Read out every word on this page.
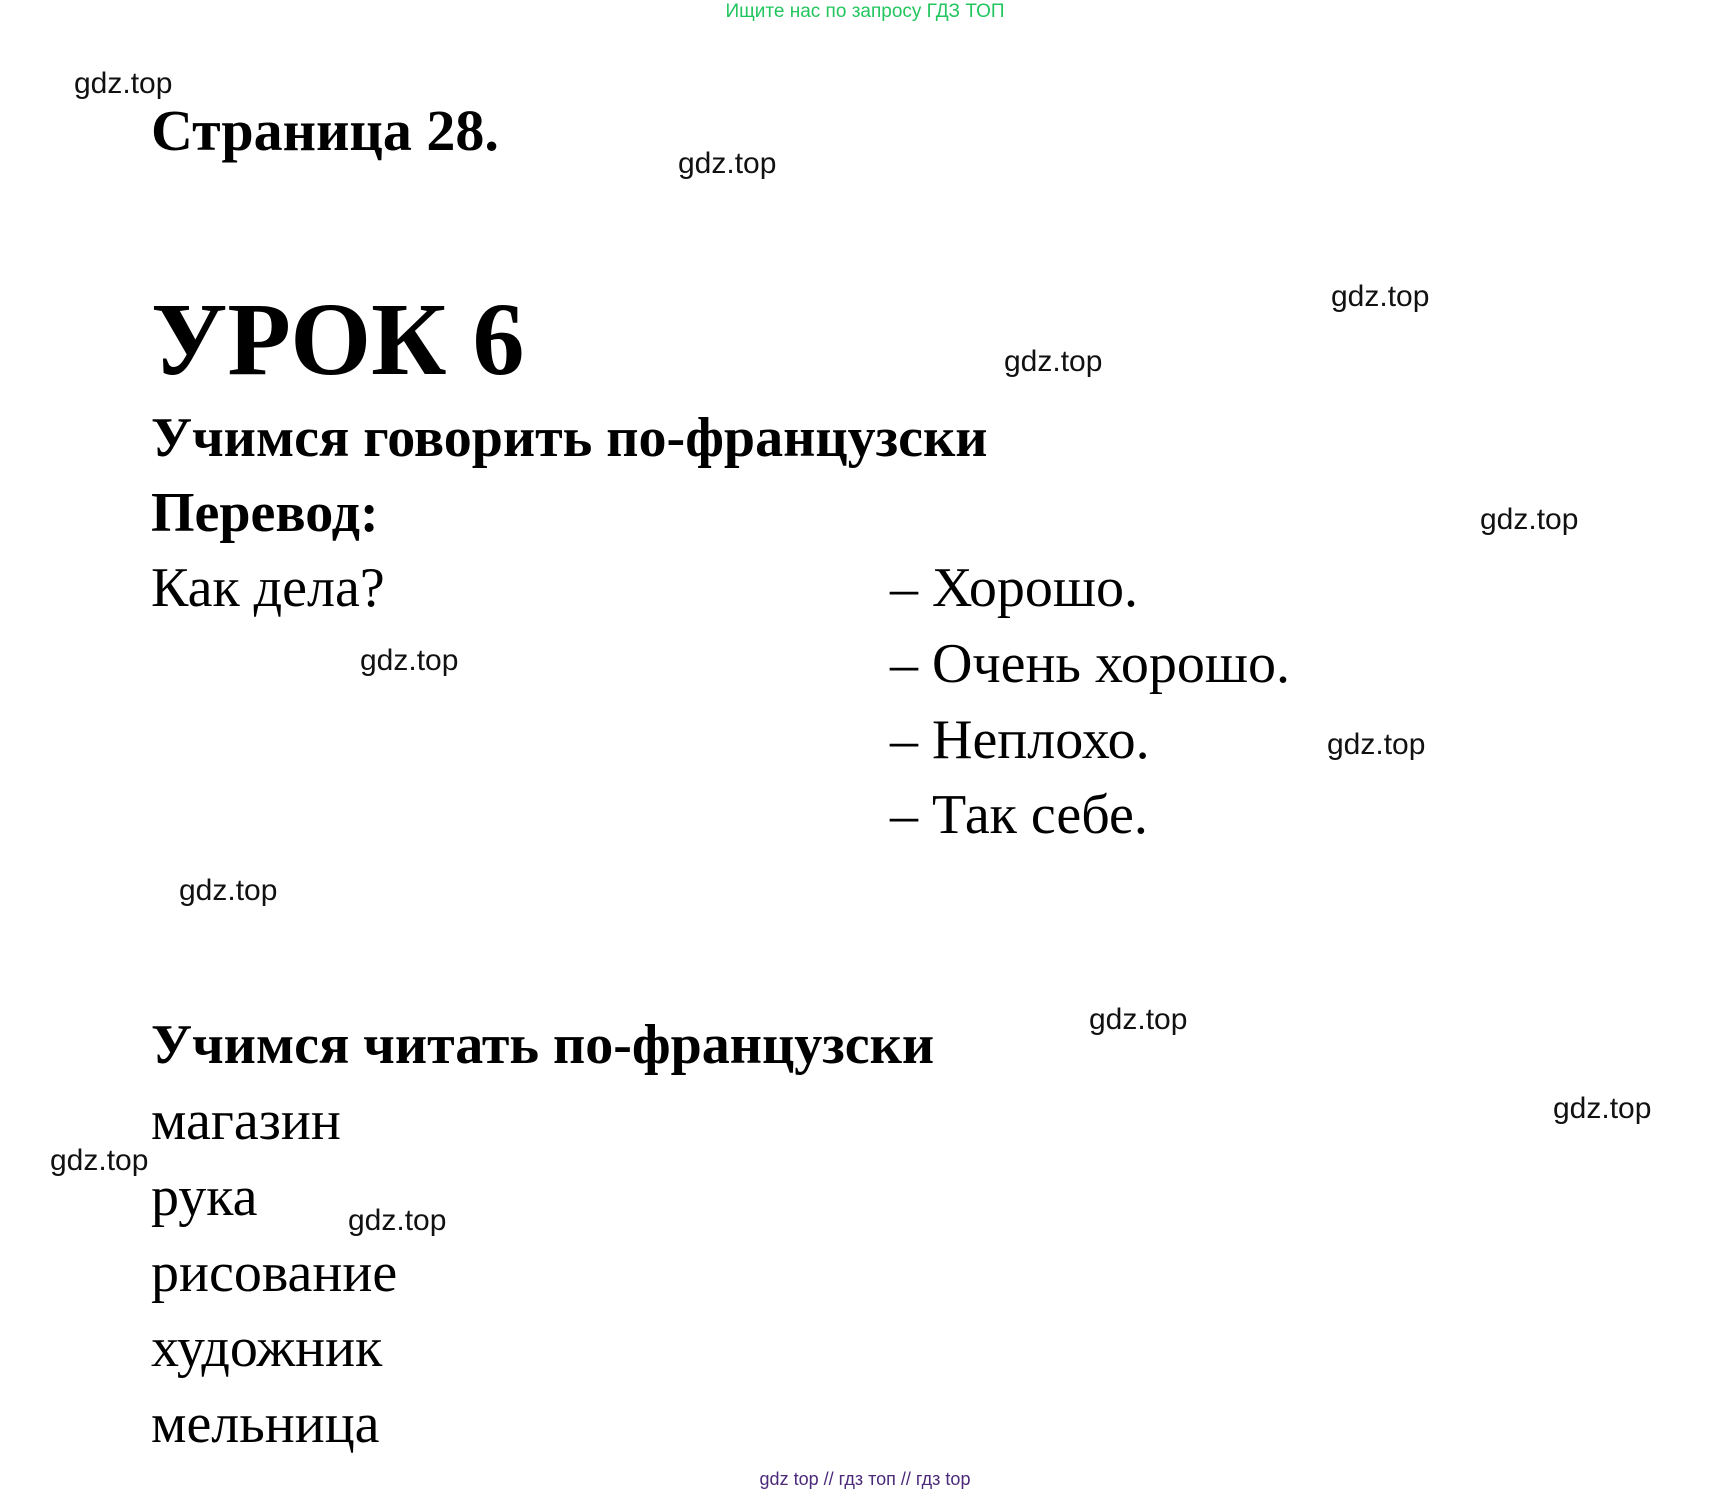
Ищите нас по запросу ГДЗ ТОП
Страница 28.
УРОК 6
Учимся говорить по-французски
Перевод:
Как дела?	– Хорошо.
– Очень хорошо.
– Неплохо.
– Так себе.
Учимся читать по-французски
магазин
рука
рисование
художник
мельница
gdz.top
gdz.top
gdz.top
gdz.top
gdz.top
gdz.top
gdz.top
gdz.top
gdz.top
gdz.top
gdz.top
gdz.top
gdz top // гдз топ // гдз top
